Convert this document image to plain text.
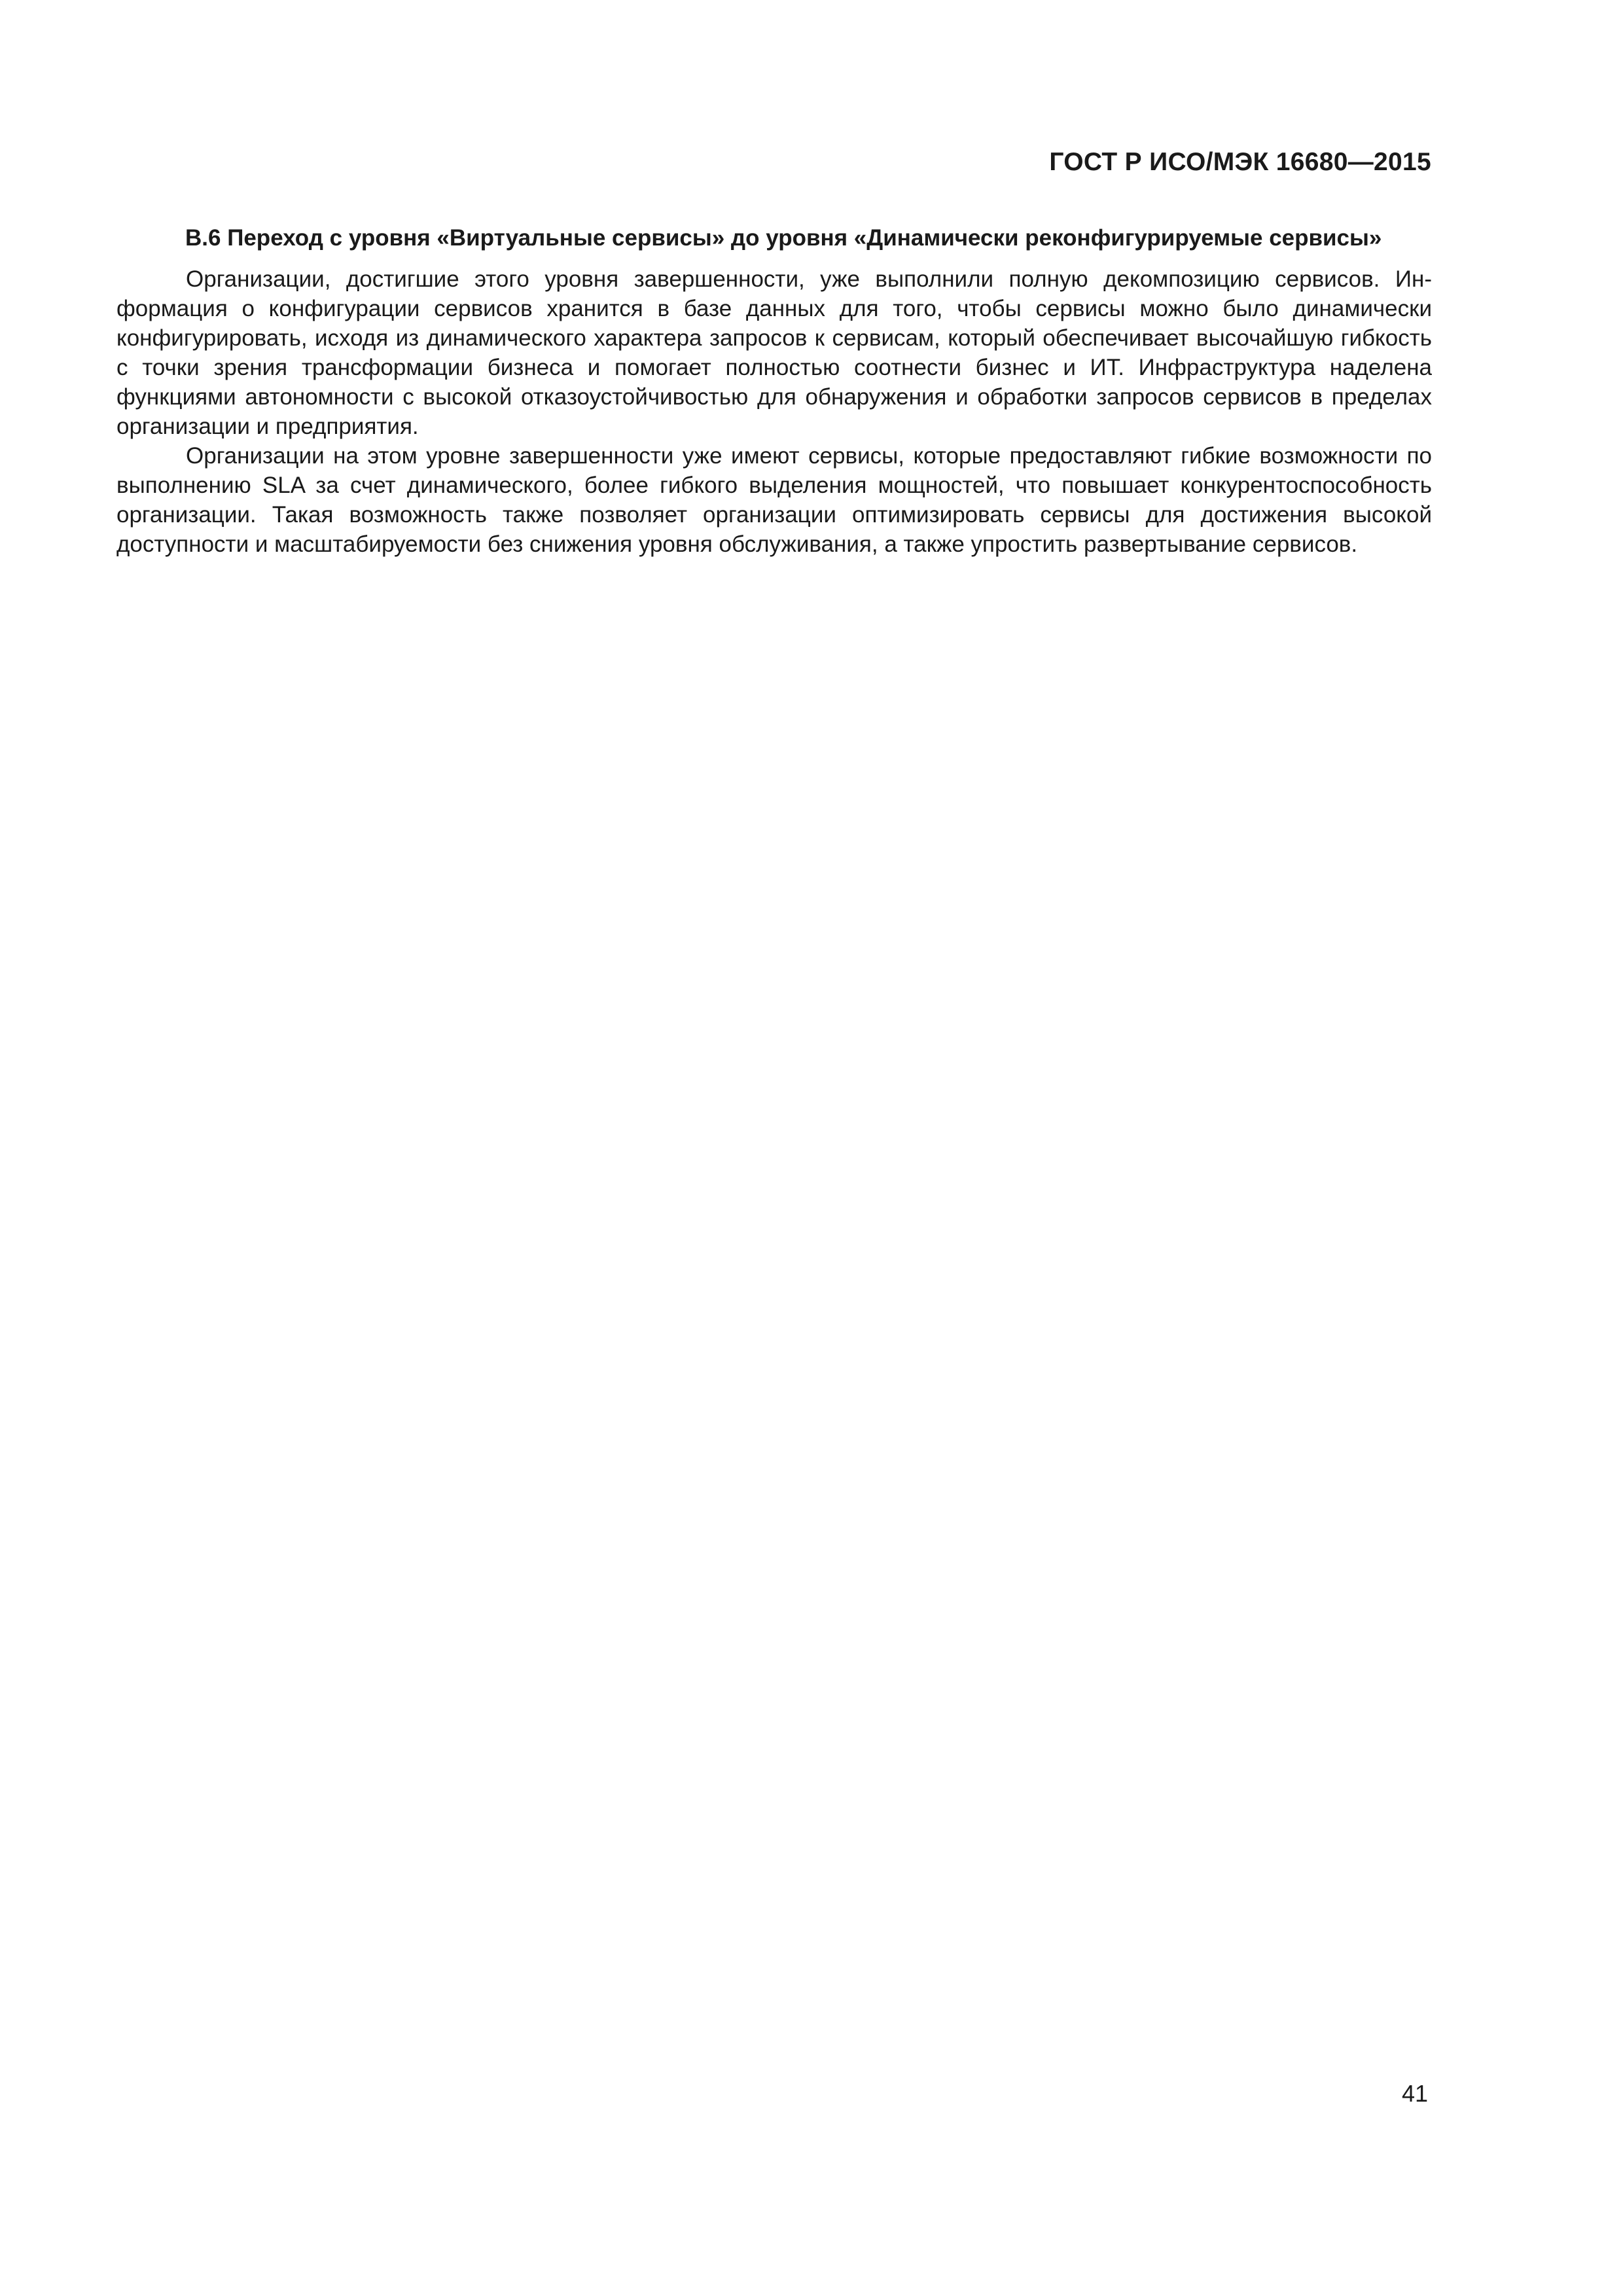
ГОСТ Р ИСО/МЭК 16680—2015
B.6 Переход с уровня «Виртуальные сервисы» до уровня «Динамически реконфигурируемые сервисы»

Организации, достигшие этого уровня завершенности, уже выполнили полную декомпозицию сервисов. Информация о конфигурации сервисов хранится в базе данных для того, чтобы сервисы можно было динамически конфигурировать, исходя из динамического характера запросов к сервисам, который обеспечивает высочайшую гибкость с точки зрения трансформации бизнеса и помогает полностью соотнести бизнес и ИТ. Инфраструктура наделена функциями автономности с высокой отказоустойчивостью для обнаружения и обработки запросов сервисов в пределах организации и предприятия.

Организации на этом уровне завершенности уже имеют сервисы, которые предоставляют гибкие возможности по выполнению SLA за счет динамического, более гибкого выделения мощностей, что повышает конкурентоспособность организации. Такая возможность также позволяет организации оптимизировать сервисы для достижения высокой доступности и масштабируемости без снижения уровня обслуживания, а также упростить развертывание сервисов.

41
